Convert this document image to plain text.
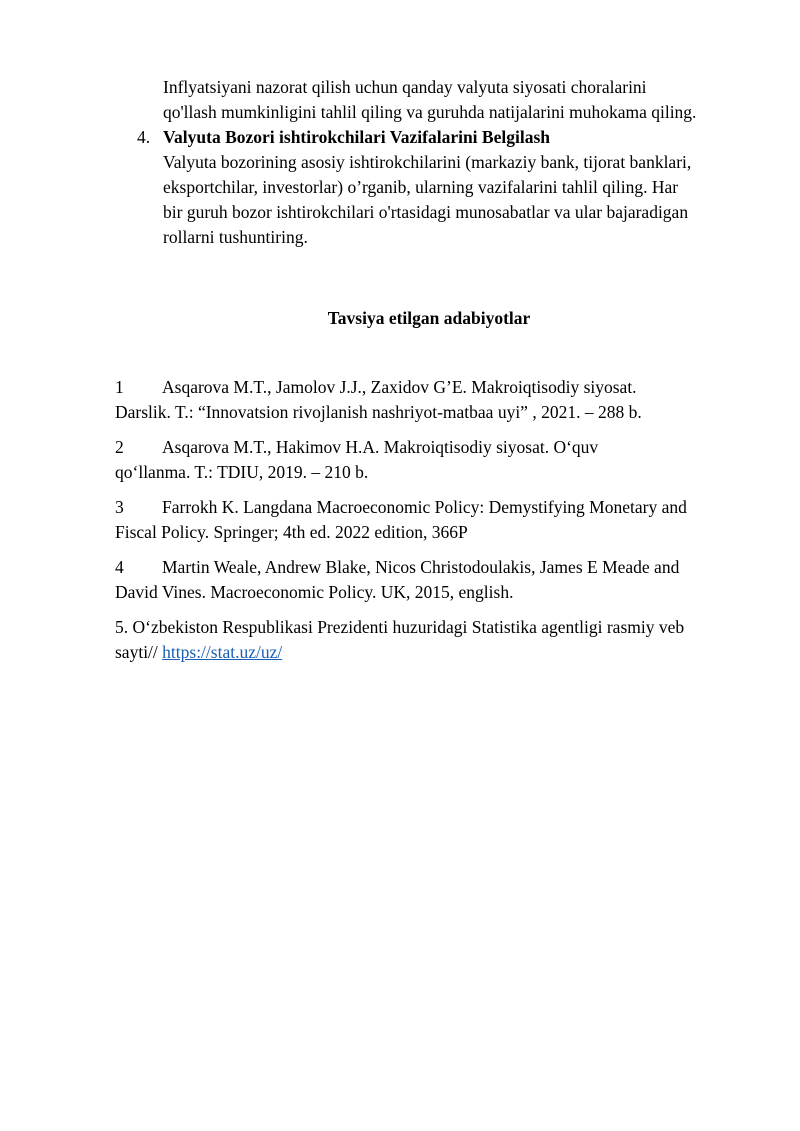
Inflyatsiyani nazorat qilish uchun qanday valyuta siyosati choralarini

qo'llash mumkinligini tahlil qiling va guruhda natijalarini muhokama qiling.

4. Valyuta Bozori ishtirokchilari Vazifalarini Belgilash

Valyuta bozorining asosiy ishtirokchilarini (markaziy bank, tijorat banklari,

eksportchilar, investorlar) o’rganib, ularning vazifalarini tahlil qiling. Har

bir guruh bozor ishtirokchilari o'rtasidagi munosabatlar va ular bajaradigan

rollarni tushuntiring.

Tavsiya etilgan adabiyotlar

1 Asqarova M.T., Jamolov J.J., Zaxidov G’E. Makroiqtisodiy siyosat.

Darslik. T.: “Innovatsion rivojlanish nashriyot-matbaa uyi” , 2021. – 288 b.

2 Asqarova M.T., Hakimov H.A. Makroiqtisodiy siyosat. O‘quv

qo‘llanma. T.: TDIU, 2019. – 210 b.

3 Farrokh K. Langdana Macroeconomic Policy: Demystifying Monetary and

Fiscal Policy. Springer; 4th ed. 2022 edition, 366P

4 Martin Weale, Andrew Blake, Nicos Christodoulakis, James E Meade and

David Vines. Macroeconomic Policy. UK, 2015, english.

5. O‘zbekiston Respublikasi Prezidenti huzuridagi Statistika agentligi rasmiy veb

sayti// https://stat.uz/uz/
